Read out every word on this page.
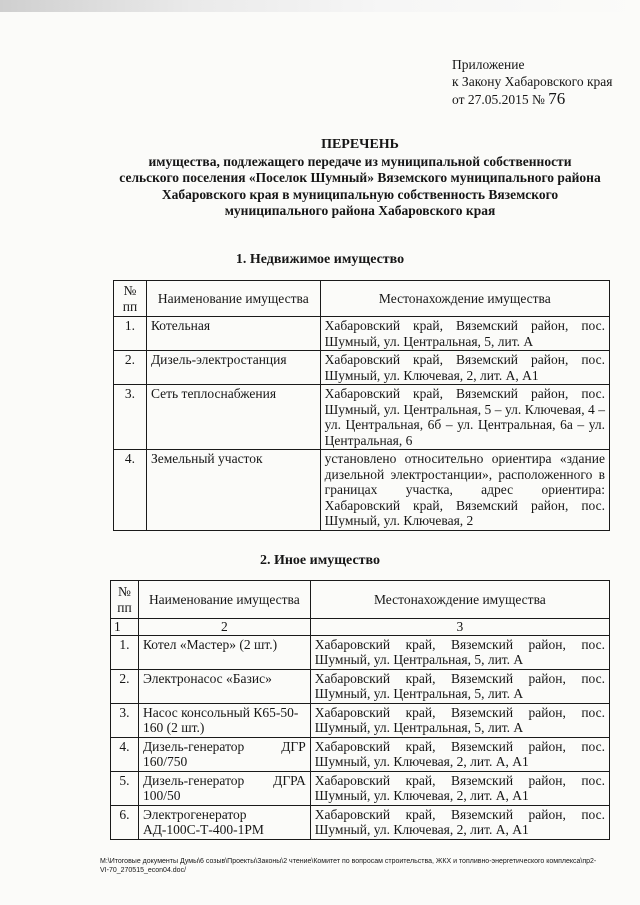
Приложение
к Закону Хабаровского края
от 27.05.2015 № 76
ПЕРЕЧЕНЬ
имущества, подлежащего передаче из муниципальной собственности
сельского поселения «Поселок Шумный» Вяземского муниципального района
Хабаровского края в муниципальную собственность Вяземского
муниципального района Хабаровского края
1. Недвижимое имущество
№ пп	Наименование имущества	Местонахождение имущества
1.	Котельная	Хабаровский край, Вяземский район, пос. Шумный, ул. Центральная, 5, лит. А
2.	Дизель-электростанция	Хабаровский край, Вяземский район, пос. Шумный, ул. Ключевая, 2, лит. А, А1
3.	Сеть теплоснабжения	Хабаровский край, Вяземский район, пос. Шумный, ул. Центральная, 5 – ул. Ключевая, 4 – ул. Центральная, 6б – ул. Центральная, 6а – ул. Центральная, 6
4.	Земельный участок	установлено относительно ориентира «здание дизельной электростанции», расположенного в границах участка, адрес ориентира: Хабаровский край, Вяземский район, пос. Шумный, ул. Ключевая, 2
2. Иное имущество
№ пп	Наименование имущества	Местонахождение имущества
1	2	3
1.	Котел «Мастер» (2 шт.)	Хабаровский край, Вяземский район, пос. Шумный, ул. Центральная, 5, лит. А
2.	Электронасос «Базис»	Хабаровский край, Вяземский район, пос. Шумный, ул. Центральная, 5, лит. А
3.	Насос консольный К65-50-160 (2 шт.)	Хабаровский край, Вяземский район, пос. Шумный, ул. Центральная, 5, лит. А
4.	Дизель-генератор ДГР 160/750	Хабаровский край, Вяземский район, пос. Шумный, ул. Ключевая, 2, лит. А, А1
5.	Дизель-генератор ДГРА 100/50	Хабаровский край, Вяземский район, пос. Шумный, ул. Ключевая, 2, лит. А, А1
6.	Электрогенератор АД-100С-Т-400-1РМ	Хабаровский край, Вяземский район, пос. Шумный, ул. Ключевая, 2, лит. А, А1
М:\Итоговые документы Думы\6 созыв\Проекты\Законы\2 чтение\Комитет по вопросам строительства, ЖКХ и топливно-энергетического комплекса\пр2-
VI-70_270515_econ04.doc/
